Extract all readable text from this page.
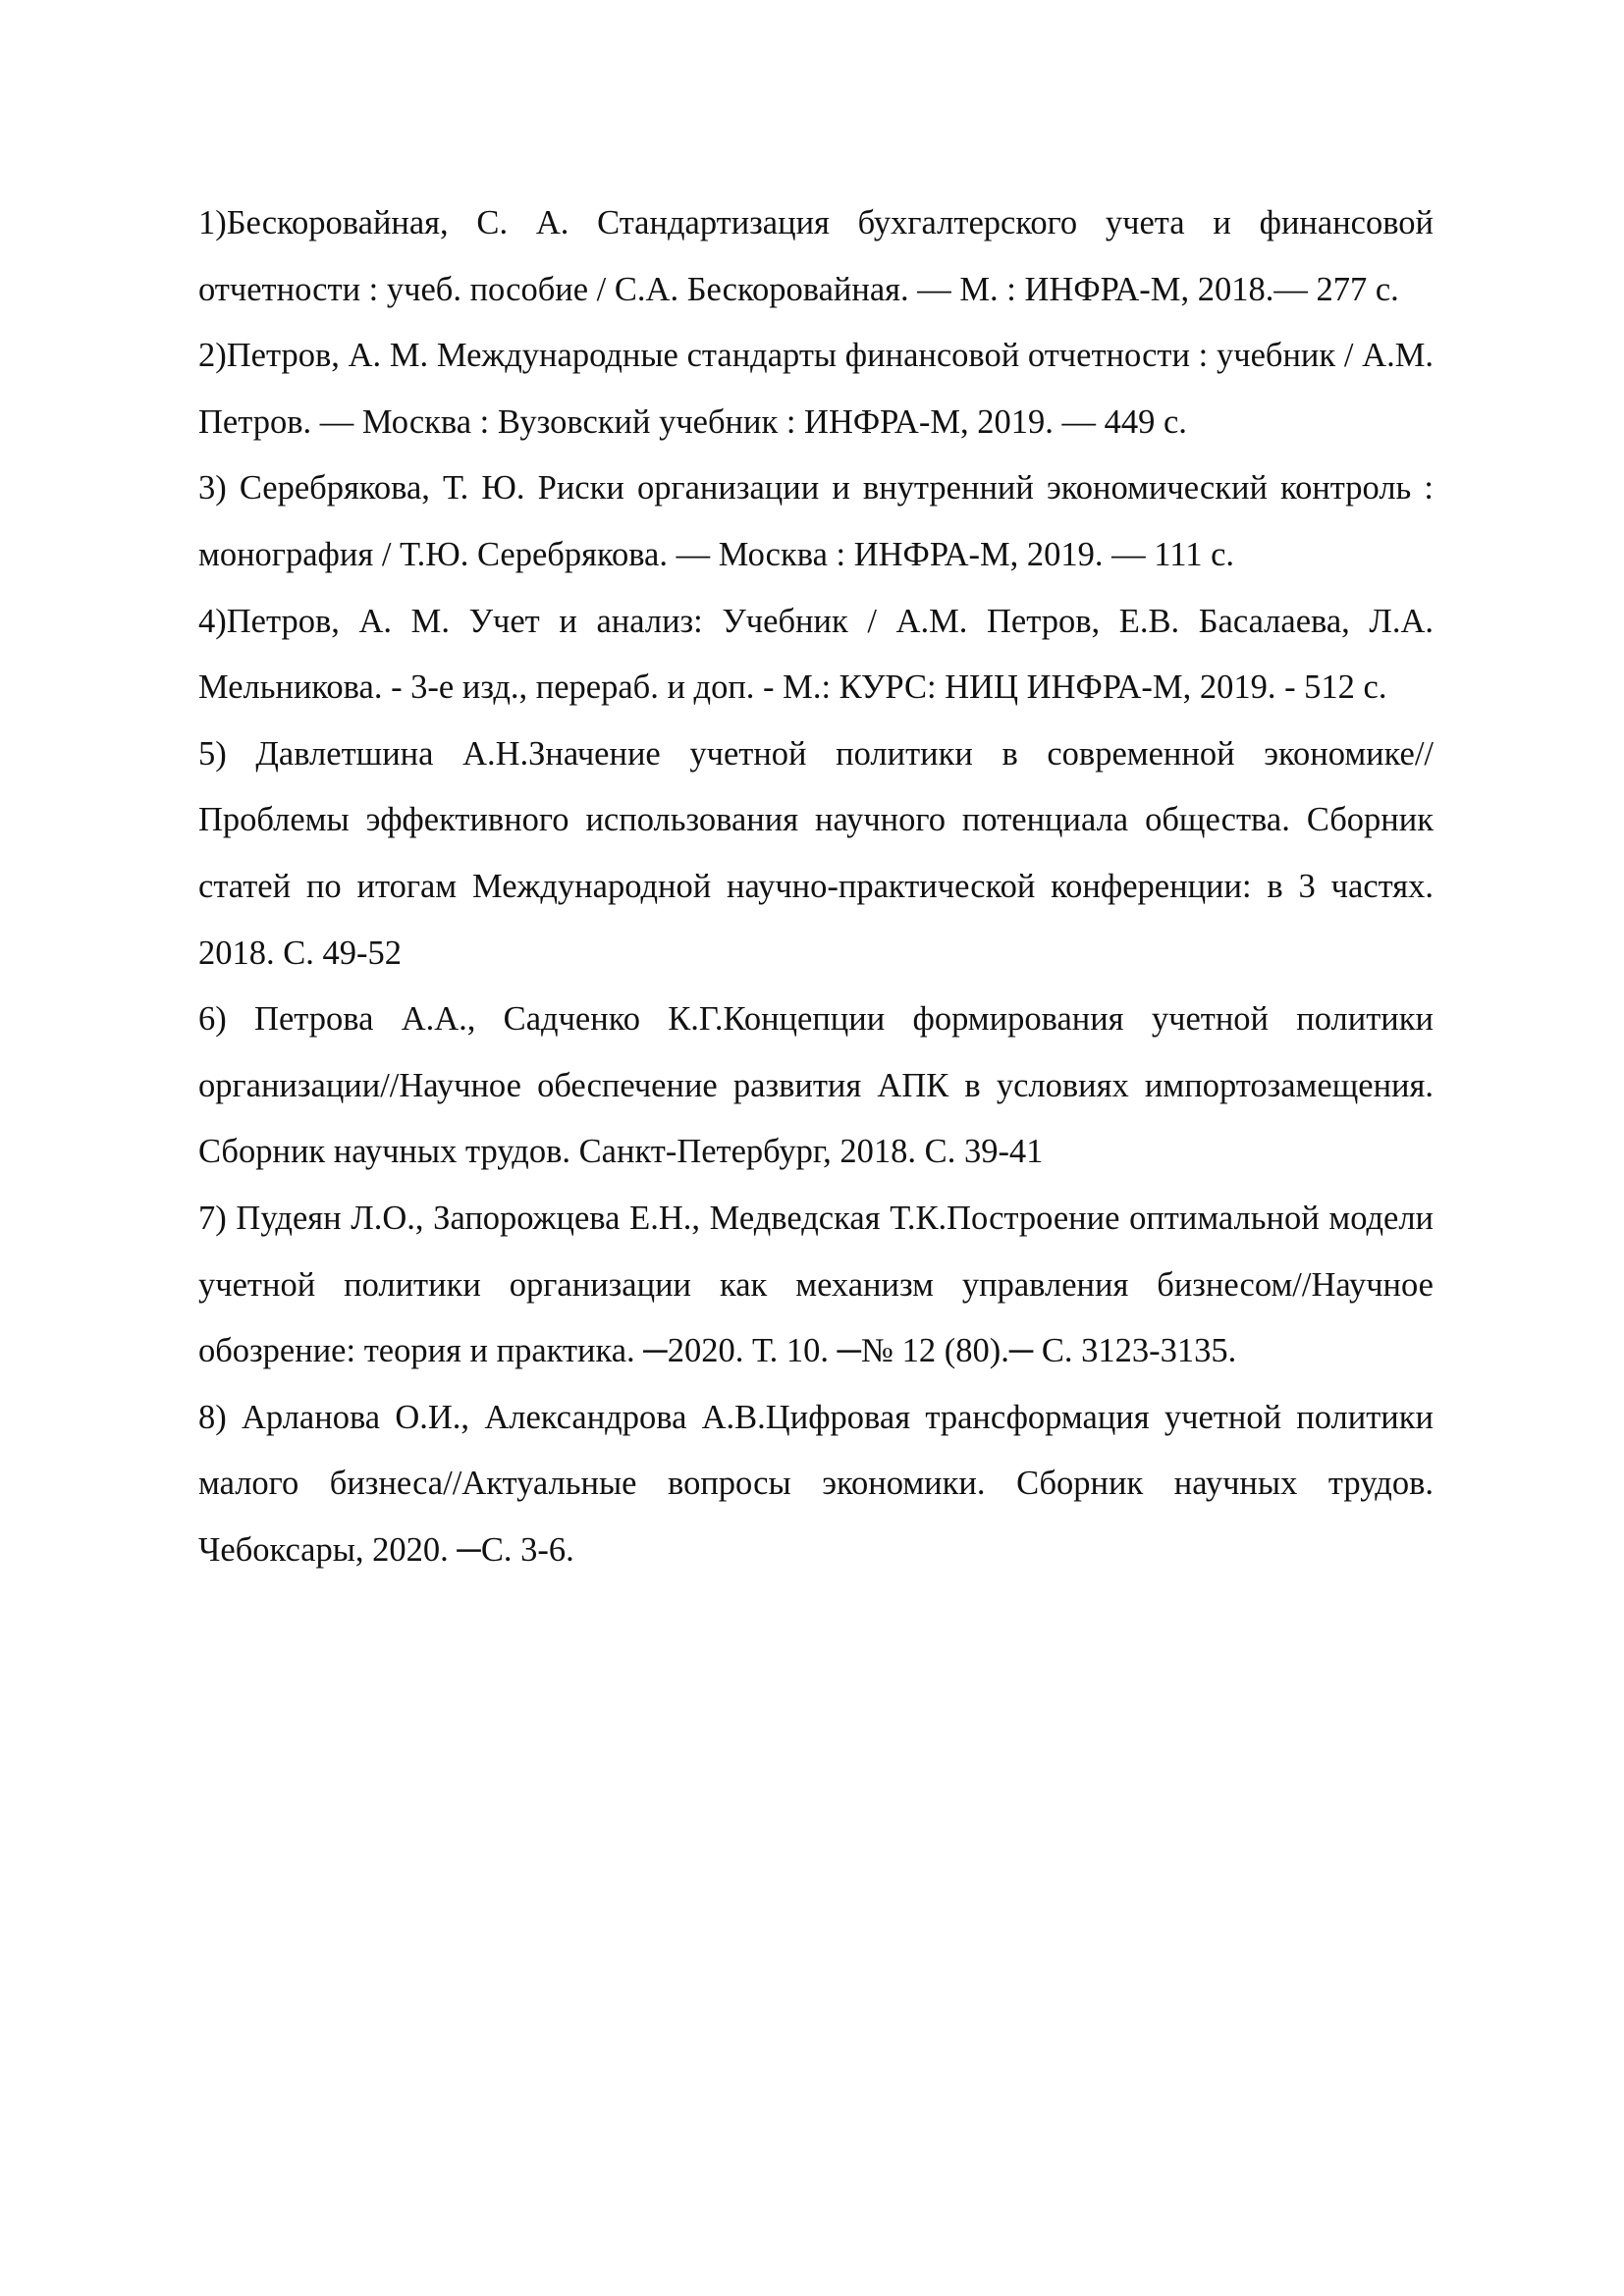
1)Бескоровайная, С. А. Стандартизация бухгалтерского учета и финансовой отчетности : учеб. пособие / С.А. Бескоровайная. — М. : ИНФРА-М, 2018.— 277 с.
2)Петров, А. М. Международные стандарты финансовой отчетности : учебник / А.М. Петров. — Москва : Вузовский учебник : ИНФРА-М, 2019. — 449 с.
3) Серебрякова, Т. Ю. Риски организации и внутренний экономический контроль : монография / Т.Ю. Серебрякова. — Москва : ИНФРА-М, 2019. — 111 с.
4)Петров, А. М. Учет и анализ: Учебник / А.М. Петров, Е.В. Басалаева, Л.А. Мельникова. - 3-е изд., перераб. и доп. - М.: КУРС: НИЦ ИНФРА-М, 2019. - 512 с.
5) Давлетшина А.Н.Значение учетной политики в современной экономике//Проблемы эффективного использования научного потенциала общества. Сборник статей по итогам Международной научно-практической конференции: в 3 частях. 2018. С. 49-52
6) Петрова А.А., Садченко К.Г.Концепции формирования учетной политики организации//Научное обеспечение развития АПК в условиях импортозамещения. Сборник научных трудов. Санкт-Петербург, 2018. С. 39-41
7) Пудеян Л.О., Запорожцева Е.Н., Медведская Т.К.Построение оптимальной модели учетной политики организации как механизм управления бизнесом//Научное обозрение: теория и практика. ─2020. Т. 10. ─№ 12 (80).─ С. 3123-3135.
8) Арланова О.И., Александрова А.В.Цифровая трансформация учетной политики малого бизнеса//Актуальные вопросы экономики. Сборник научных трудов. Чебоксары, 2020. ─С. 3-6.
